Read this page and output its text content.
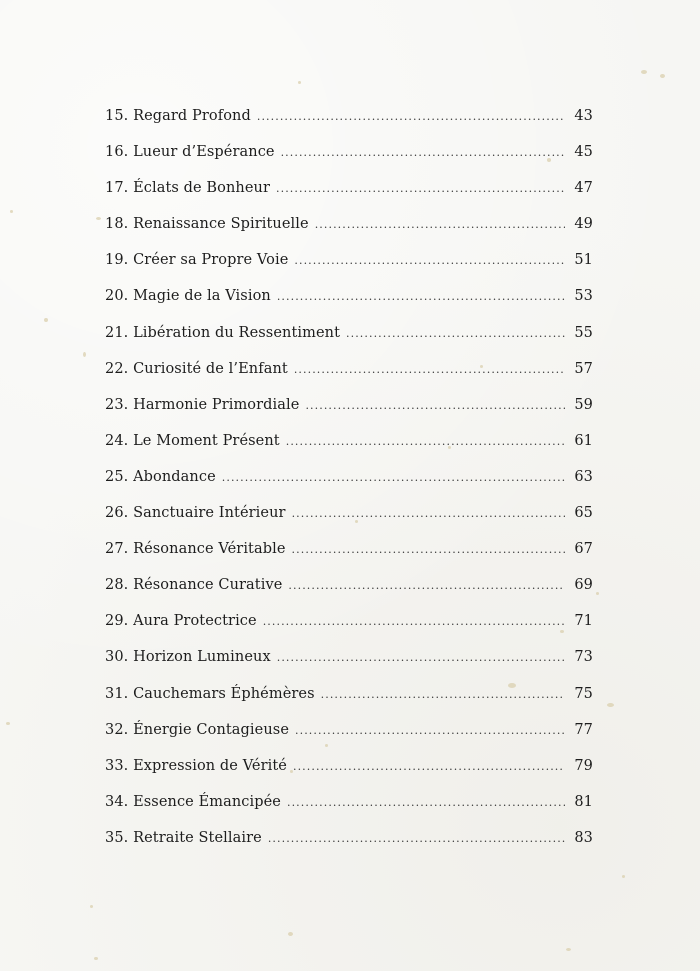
15. Regard Profond . . .	43
16. Lueur d’Espérance . . .	45
17. Éclats de Bonheur . . .	47
18. Renaissance Spirituelle . . .	49
19. Créer sa Propre Voie . . .	51
20. Magie de la Vision . . .	53
21. Libération du Ressentiment . . .	55
22. Curiosité de l’Enfant . . .	57
23. Harmonie Primordiale . . .	59
24. Le Moment Présent . . .	61
25. Abondance . . .	63
26. Sanctuaire Intérieur . . .	65
27. Résonance Véritable . . .	67
28. Résonance Curative . . .	69
29. Aura Protectrice . . .	71
30. Horizon Lumineux . . .	73
31. Cauchemars Éphémères . . .	75
32. Énergie Contagieuse . . .	77
33. Expression de Vérité . . .	79
34. Essence Émancipée . . .	81
35. Retraite Stellaire . . .	83
